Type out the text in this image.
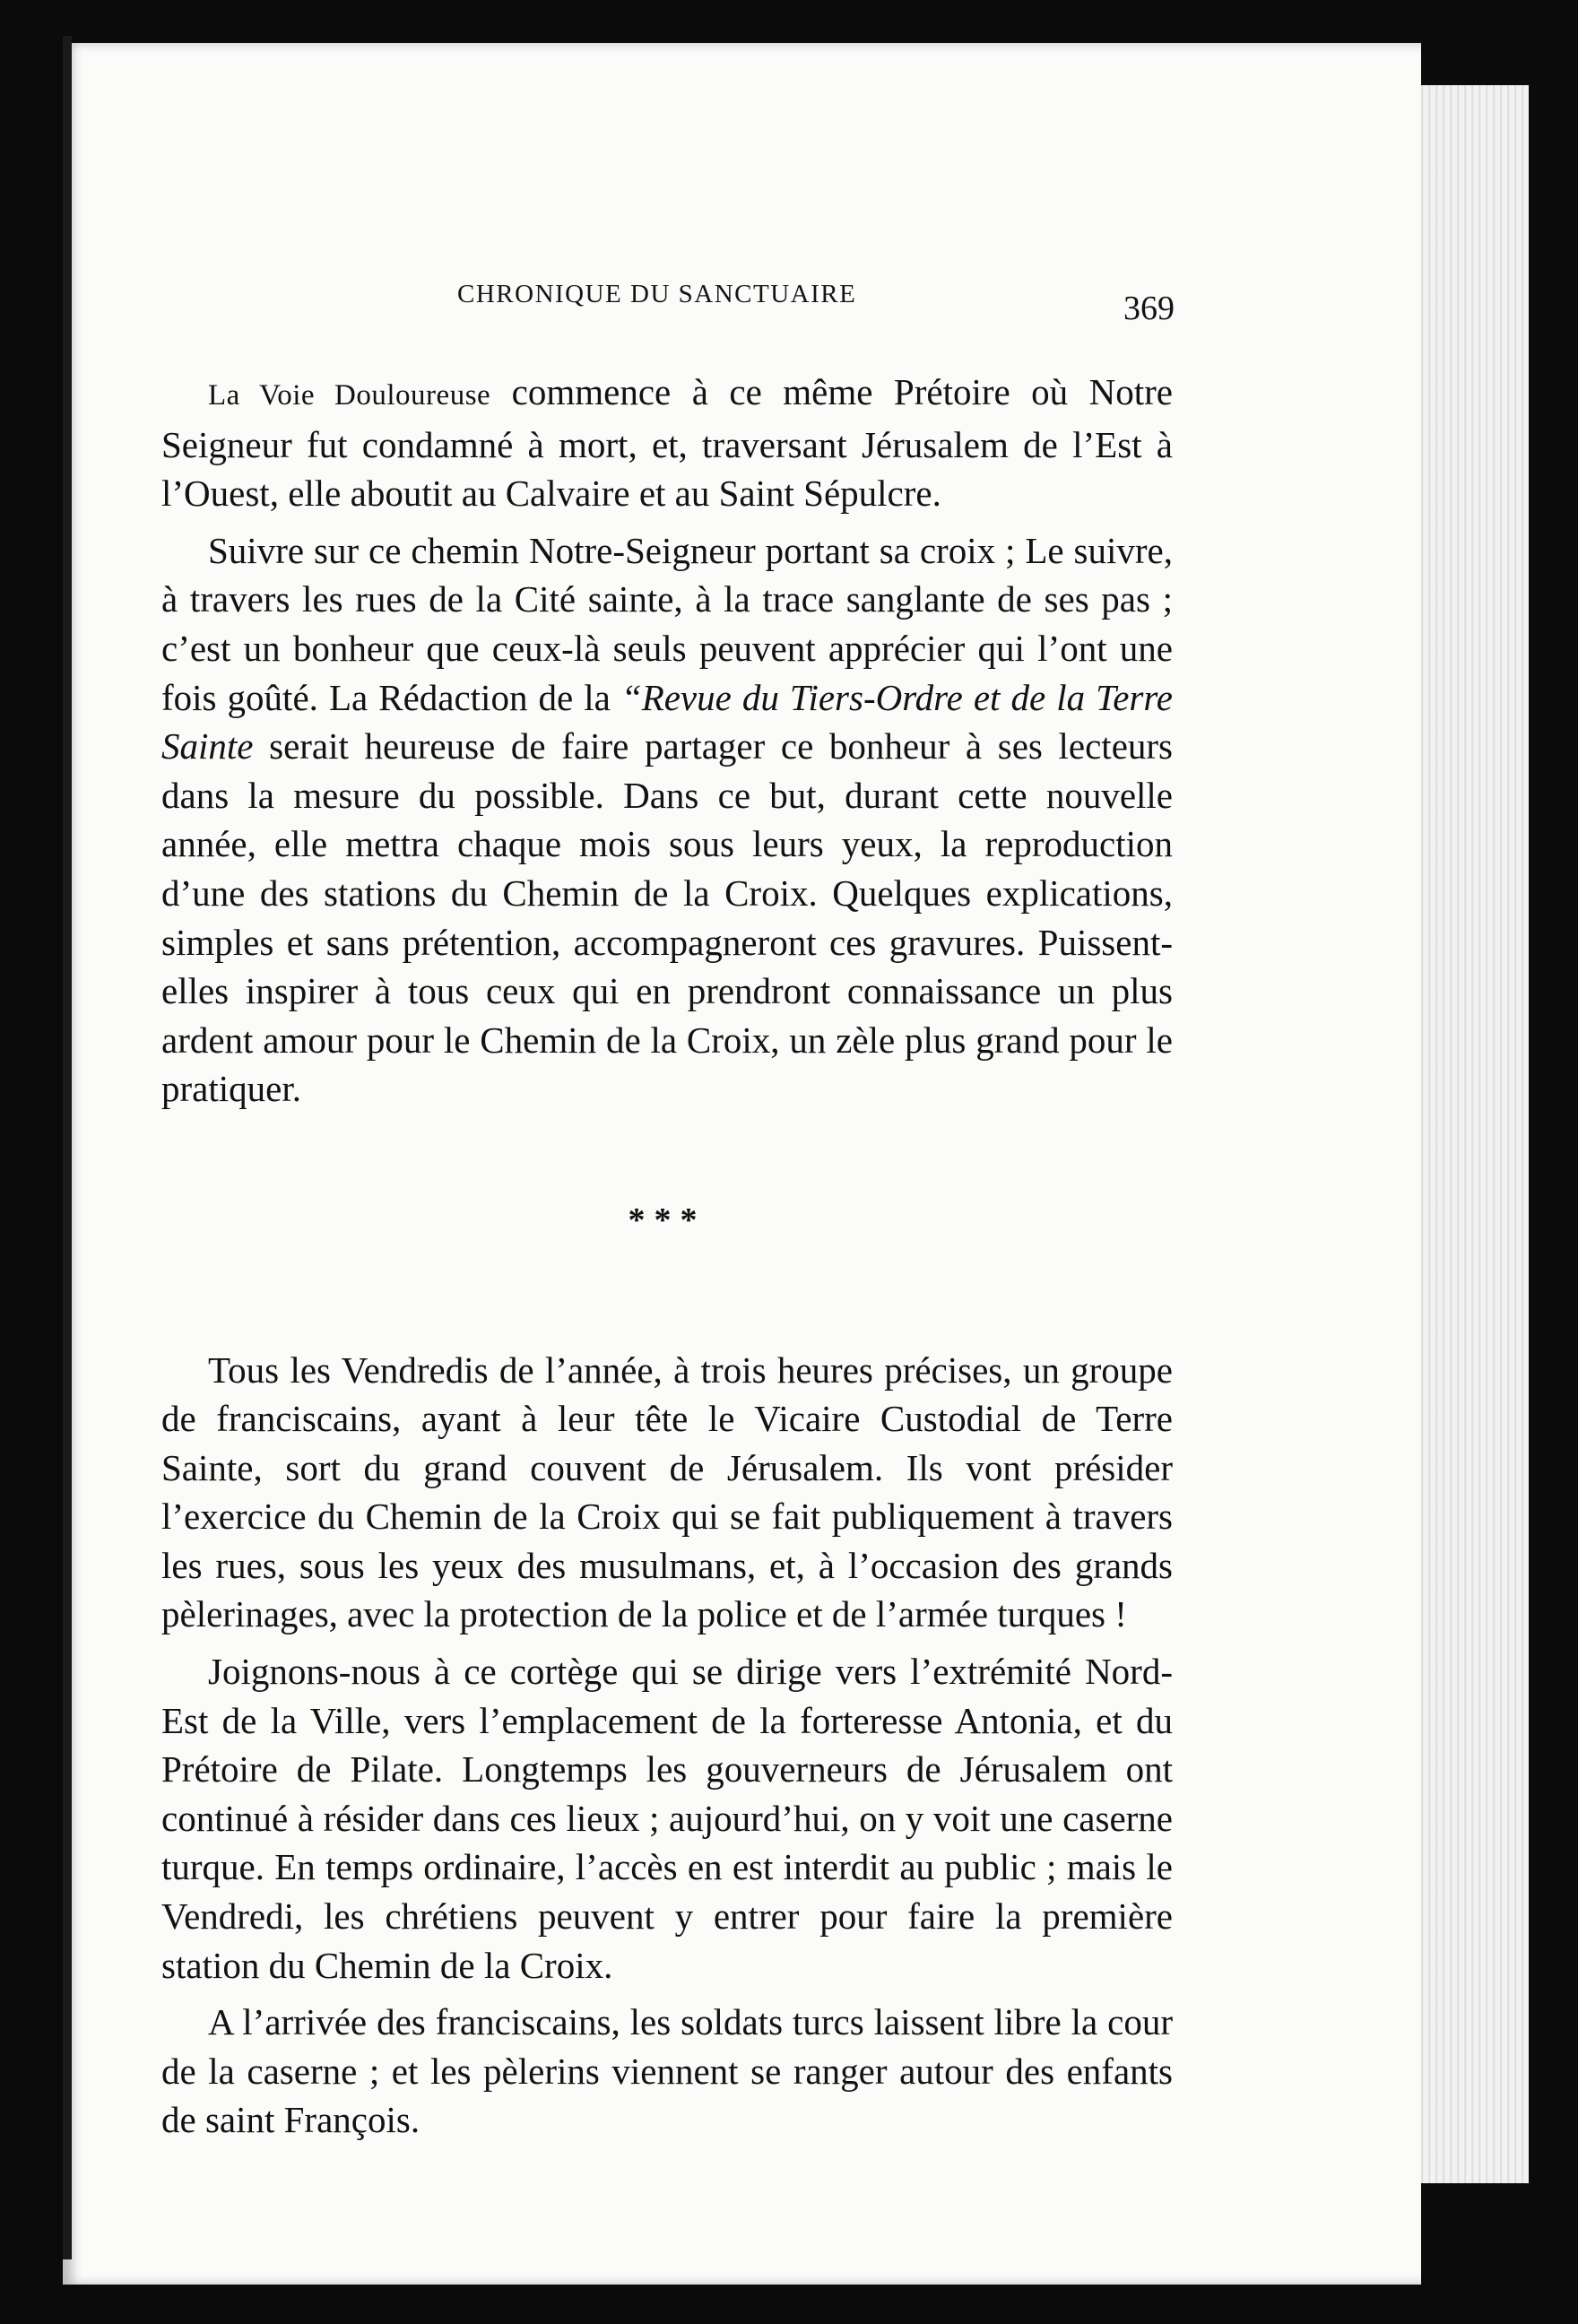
CHRONIQUE DU SANCTUAIRE	369

La Voie Douloureuse commence à ce même Prétoire où Notre Seigneur fut condamné à mort, et, traversant Jérusalem de l’Est à l’Ouest, elle aboutit au Calvaire et au Saint Sépulcre.

Suivre sur ce chemin Notre-Seigneur portant sa croix ; Le suivre, à travers les rues de la Cité sainte, à la trace sanglante de ses pas ; c’est un bonheur que ceux-là seuls peuvent apprécier qui l’ont une fois goûté. La Rédaction de la “Revue du Tiers-Ordre et de la Terre Sainte serait heureuse de faire partager ce bonheur à ses lecteurs dans la mesure du possible. Dans ce but, durant cette nouvelle année, elle mettra chaque mois sous leurs yeux, la reproduction d’une des stations du Chemin de la Croix. Quelques explications, simples et sans prétention, accompagneront ces gravures. Puissent-elles inspirer à tous ceux qui en prendront connaissance un plus ardent amour pour le Chemin de la Croix, un zèle plus grand pour le pratiquer.

***

Tous les Vendredis de l’année, à trois heures précises, un groupe de franciscains, ayant à leur tête le Vicaire Custodial de Terre Sainte, sort du grand couvent de Jérusalem. Ils vont présider l’exercice du Chemin de la Croix qui se fait publiquement à travers les rues, sous les yeux des musulmans, et, à l’occasion des grands pèlerinages, avec la protection de la police et de l’armée turques !

Joignons-nous à ce cortège qui se dirige vers l’extrémité Nord-Est de la Ville, vers l’emplacement de la forteresse Antonia, et du Prétoire de Pilate. Longtemps les gouverneurs de Jérusalem ont continué à résider dans ces lieux ; aujourd’hui, on y voit une caserne turque. En temps ordinaire, l’accès en est interdit au public ; mais le Vendredi, les chrétiens peuvent y entrer pour faire la première station du Chemin de la Croix.

A l’arrivée des franciscains, les soldats turcs laissent libre la cour de la caserne ; et les pèlerins viennent se ranger autour des enfants de saint François.
